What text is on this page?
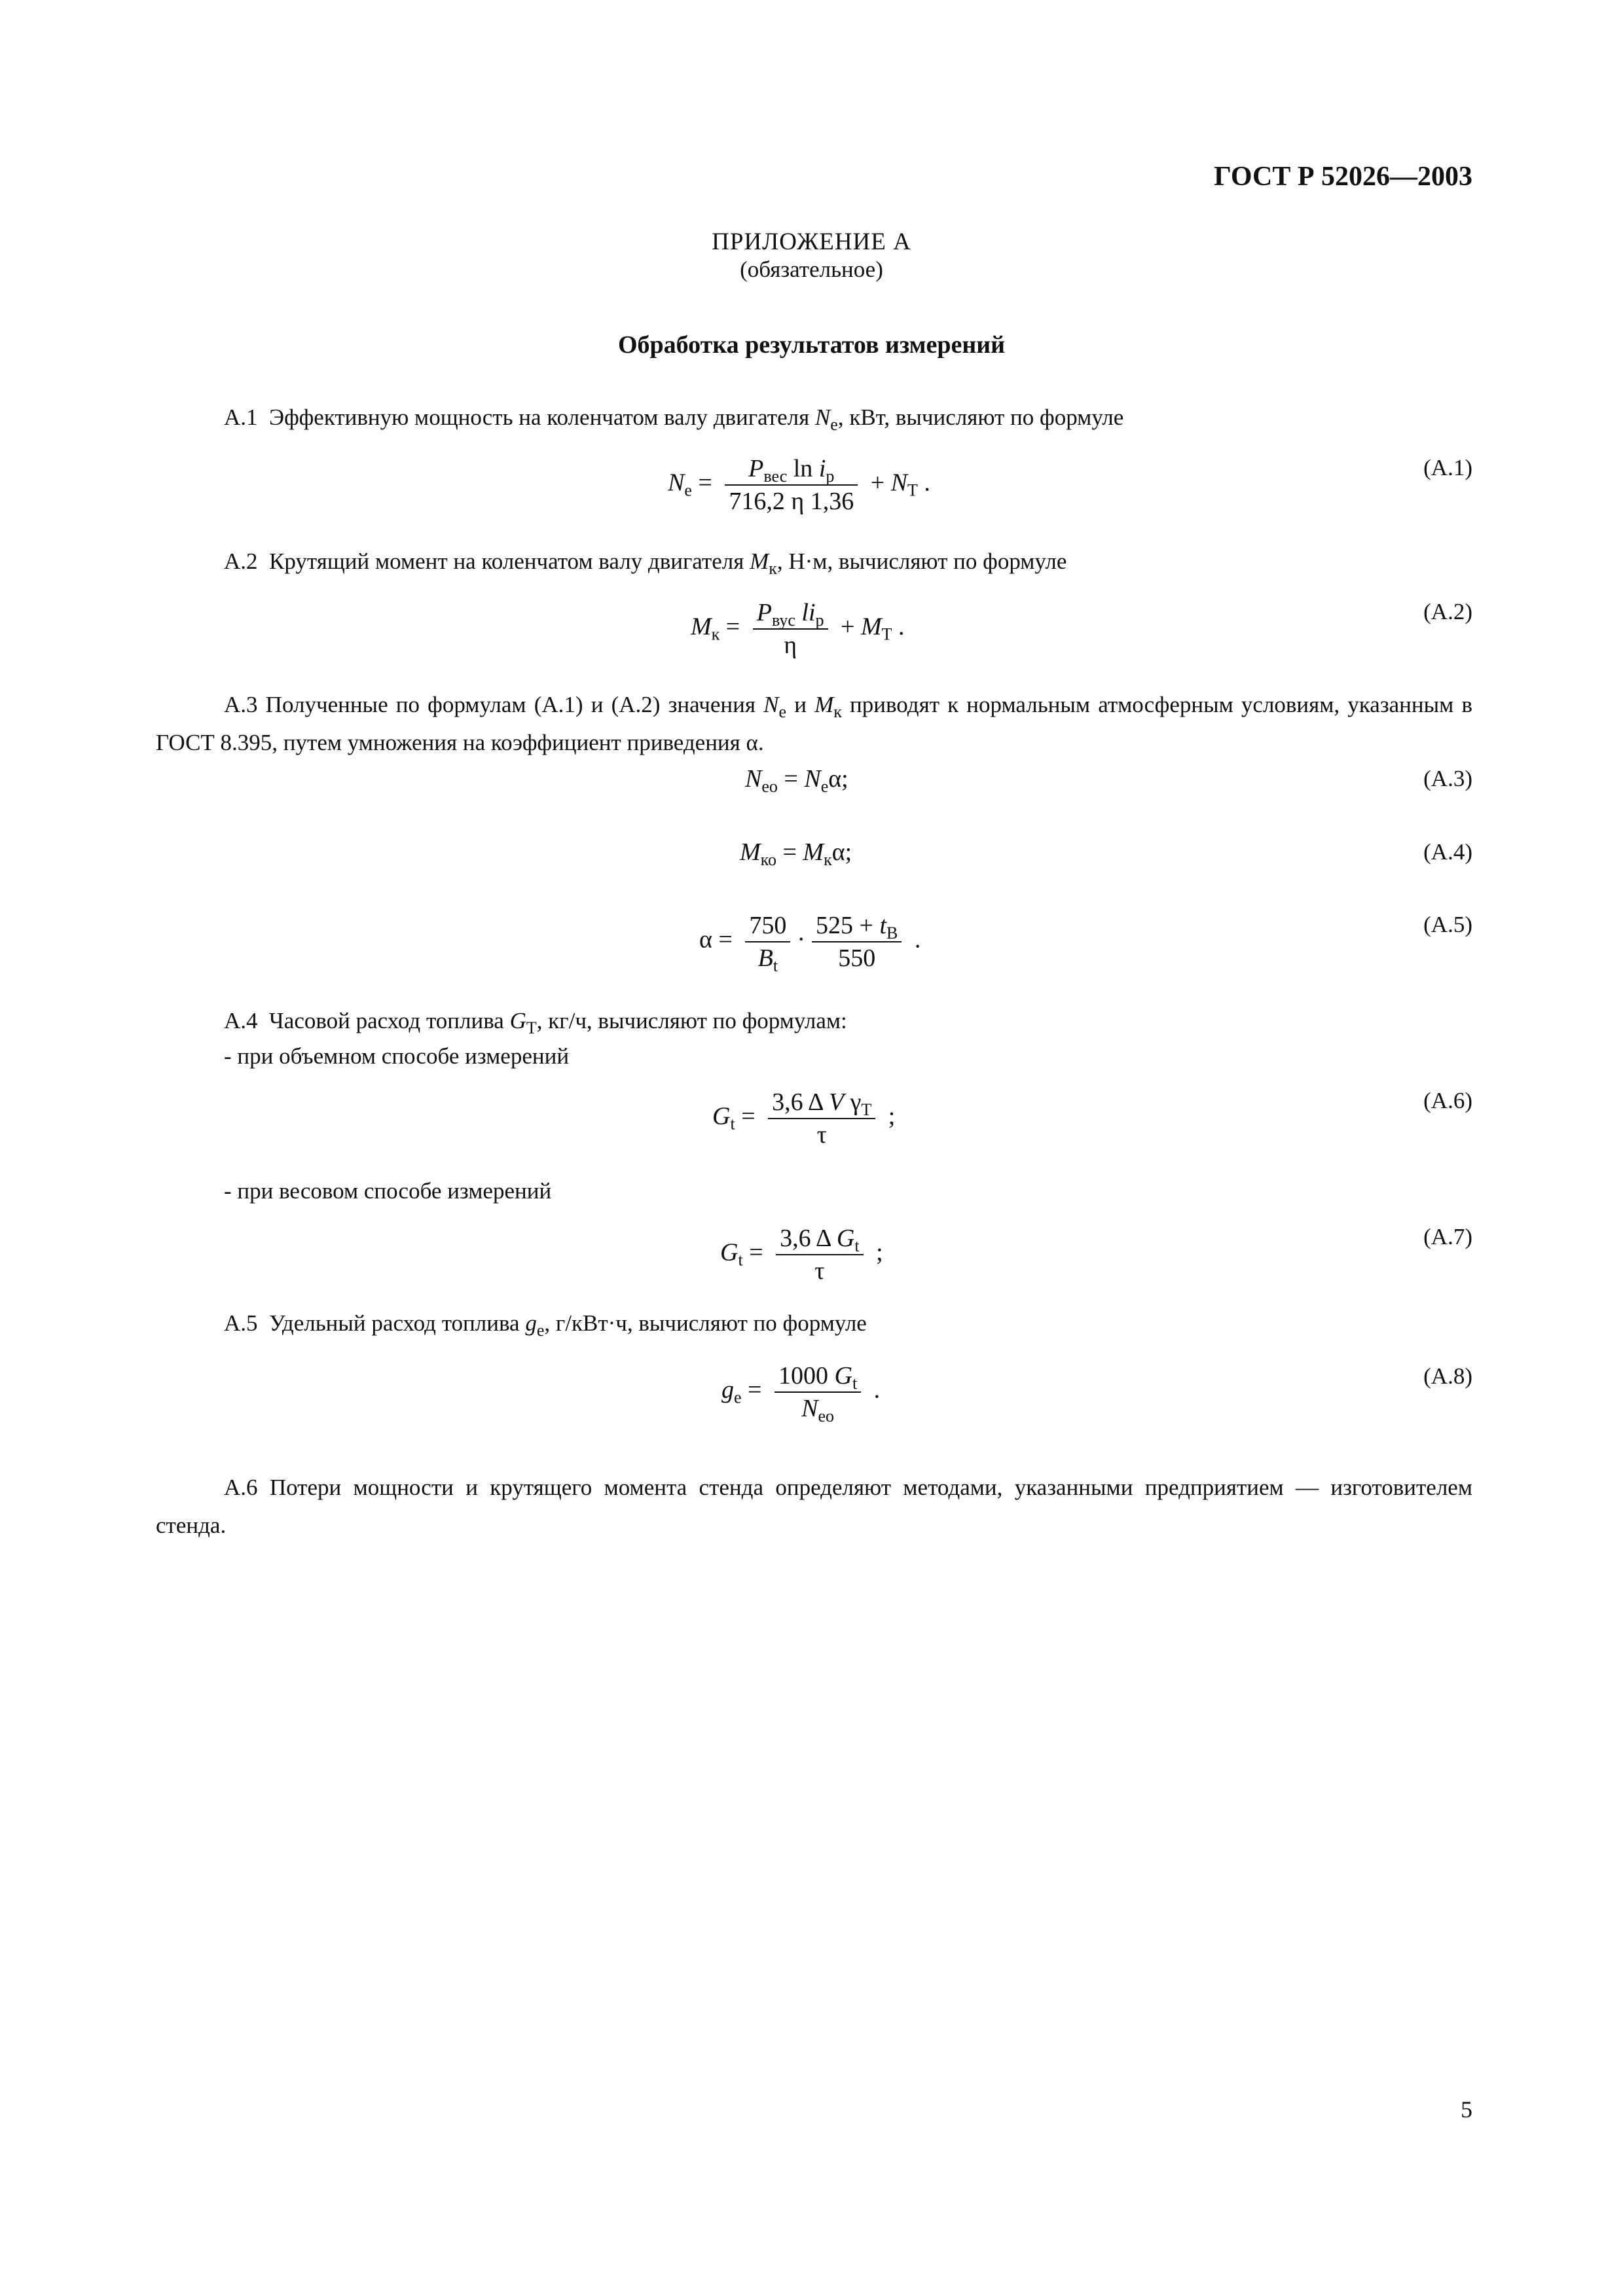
ГОСТ Р 52026—2003
ПРИЛОЖЕНИЕ А
(обязательное)
Обработка результатов измерений
А.1 Эффективную мощность на коленчатом валу двигателя $N_e$, кВт, вычисляют по формуле
$N_e = \frac{P_{вес} \ln i_р}{716,2 \eta 1,36} + N_Т$ .
(А.1)
А.2 Крутящий момент на коленчатом валу двигателя $M_к$, Н·м, вычисляют по формуле
$M_к = \frac{P_{вус} li_р}{\eta} + M_Т$ .
(А.2)
А.3 Полученные по формулам (А.1) и (А.2) значения $N_e$ и $M_к$ приводят к нормальным атмосферным условиям, указанным в ГОСТ 8.395, путем умножения на коэффициент приведения α.
$N_{eo} = N_e\alpha$;	(А.3)
$M_{ко} = M_к\alpha$;	(А.4)
$\alpha = \frac{750}{B_t} \cdot \frac{525 + t_В}{550}$ .
(А.5)
А.4 Часовой расход топлива $G_Т$, кг/ч, вычисляют по формулам:
- при объемном способе измерений
$G_t = \frac{3,6 \Delta V \gamma_Т}{\tau}$ ;
(А.6)
- при весовом способе измерений
$G_t = \frac{3,6 \Delta G_t}{\tau}$ ;
(А.7)
А.5 Удельный расход топлива $g_e$, г/кВт·ч, вычисляют по формуле
$g_e = \frac{1000 G_t}{N_{eo}}$ .
(А.8)
А.6 Потери мощности и крутящего момента стенда определяют методами, указанными предприятием — изготовителем стенда.
5
